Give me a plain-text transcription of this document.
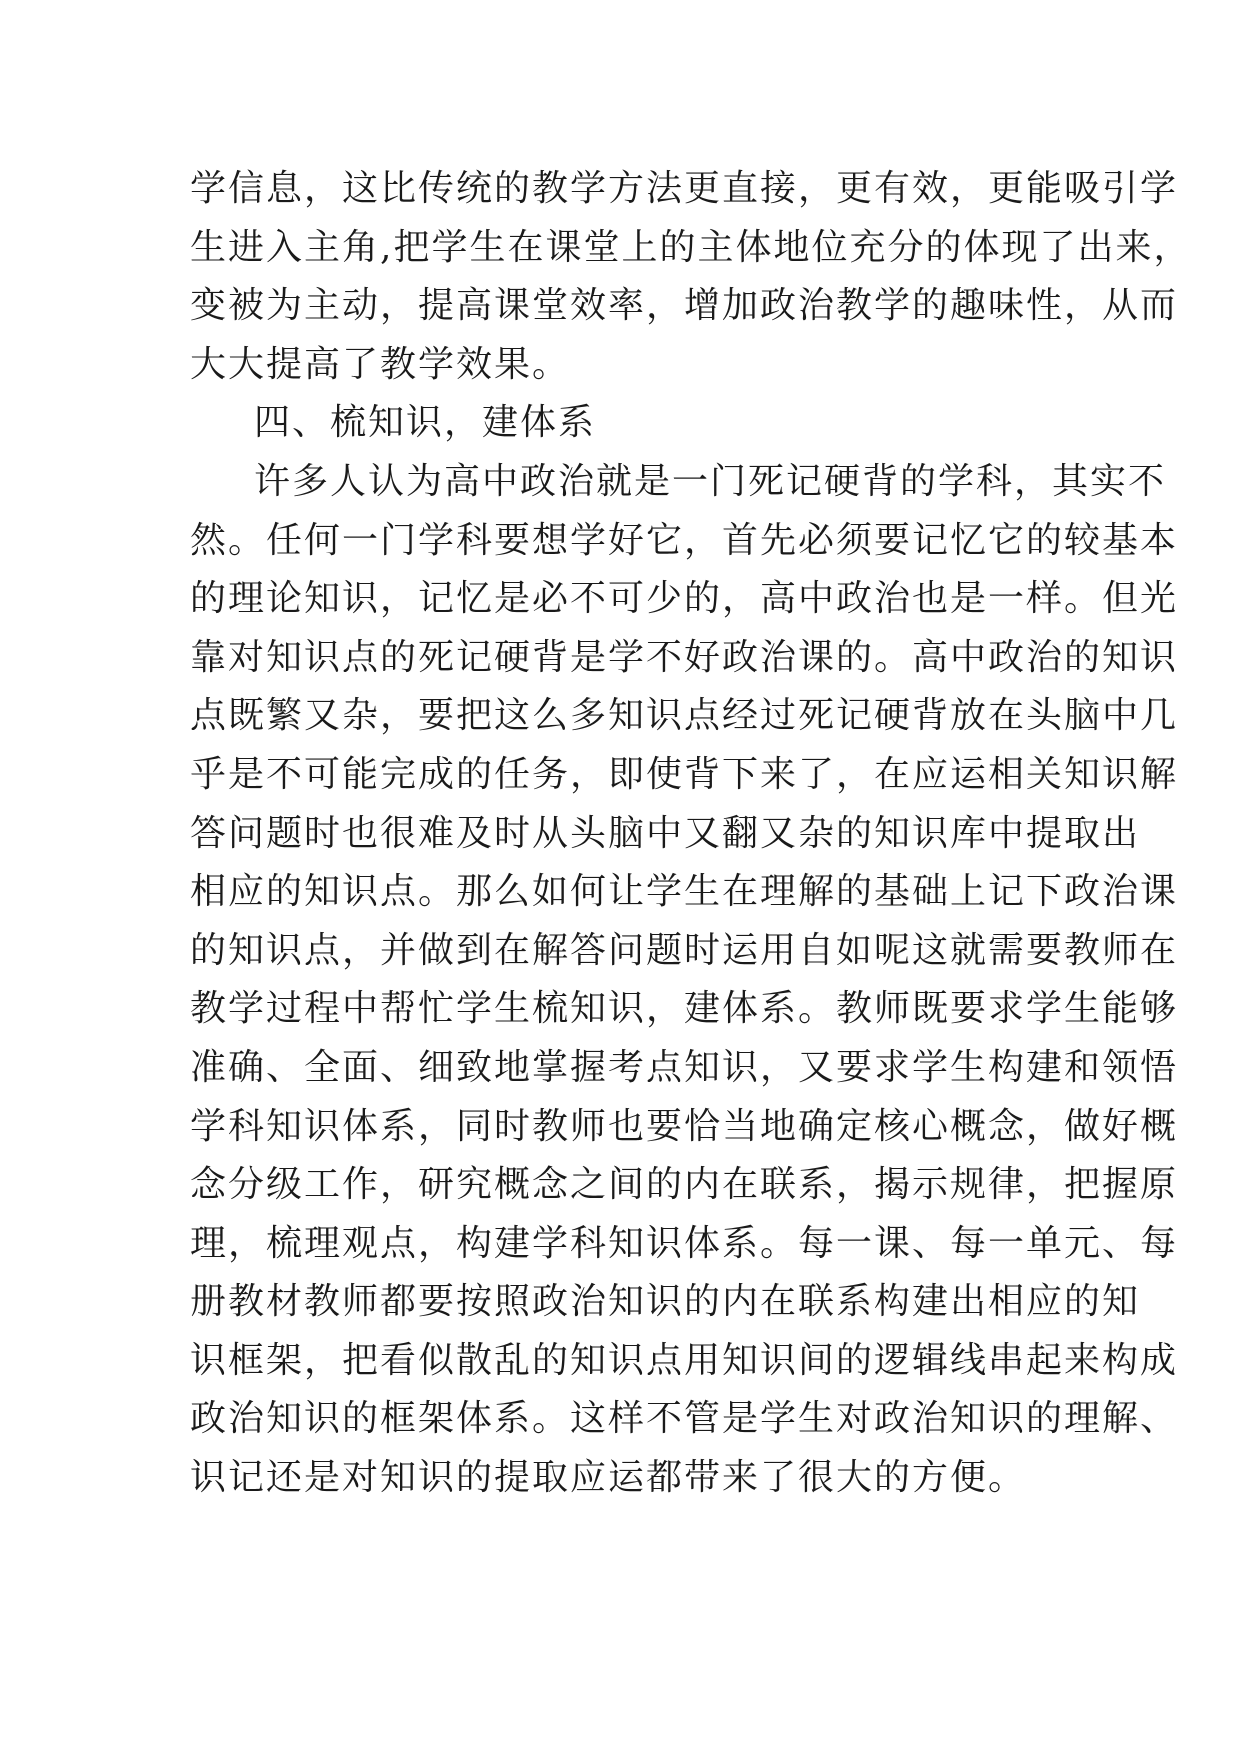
学信息，这比传统的教学方法更直接，更有效，更能吸引学
生进入主角,把学生在课堂上的主体地位充分的体现了出来，
变被为主动，提高课堂效率，增加政治教学的趣味性，从而
大大提高了教学效果。
四、梳知识，建体系
许多人认为高中政治就是一门死记硬背的学科，其实不
然。任何一门学科要想学好它，首先必须要记忆它的较基本
的理论知识，记忆是必不可少的，高中政治也是一样。但光
靠对知识点的死记硬背是学不好政治课的。高中政治的知识
点既繁又杂，要把这么多知识点经过死记硬背放在头脑中几
乎是不可能完成的任务，即使背下来了，在应运相关知识解
答问题时也很难及时从头脑中又翻又杂的知识库中提取出
相应的知识点。那么如何让学生在理解的基础上记下政治课
的知识点，并做到在解答问题时运用自如呢这就需要教师在
教学过程中帮忙学生梳知识，建体系。教师既要求学生能够
准确、全面、细致地掌握考点知识，又要求学生构建和领悟
学科知识体系，同时教师也要恰当地确定核心概念，做好概
念分级工作，研究概念之间的内在联系，揭示规律，把握原
理，梳理观点，构建学科知识体系。每一课、每一单元、每
册教材教师都要按照政治知识的内在联系构建出相应的知
识框架，把看似散乱的知识点用知识间的逻辑线串起来构成
政治知识的框架体系。这样不管是学生对政治知识的理解、
识记还是对知识的提取应运都带来了很大的方便。
